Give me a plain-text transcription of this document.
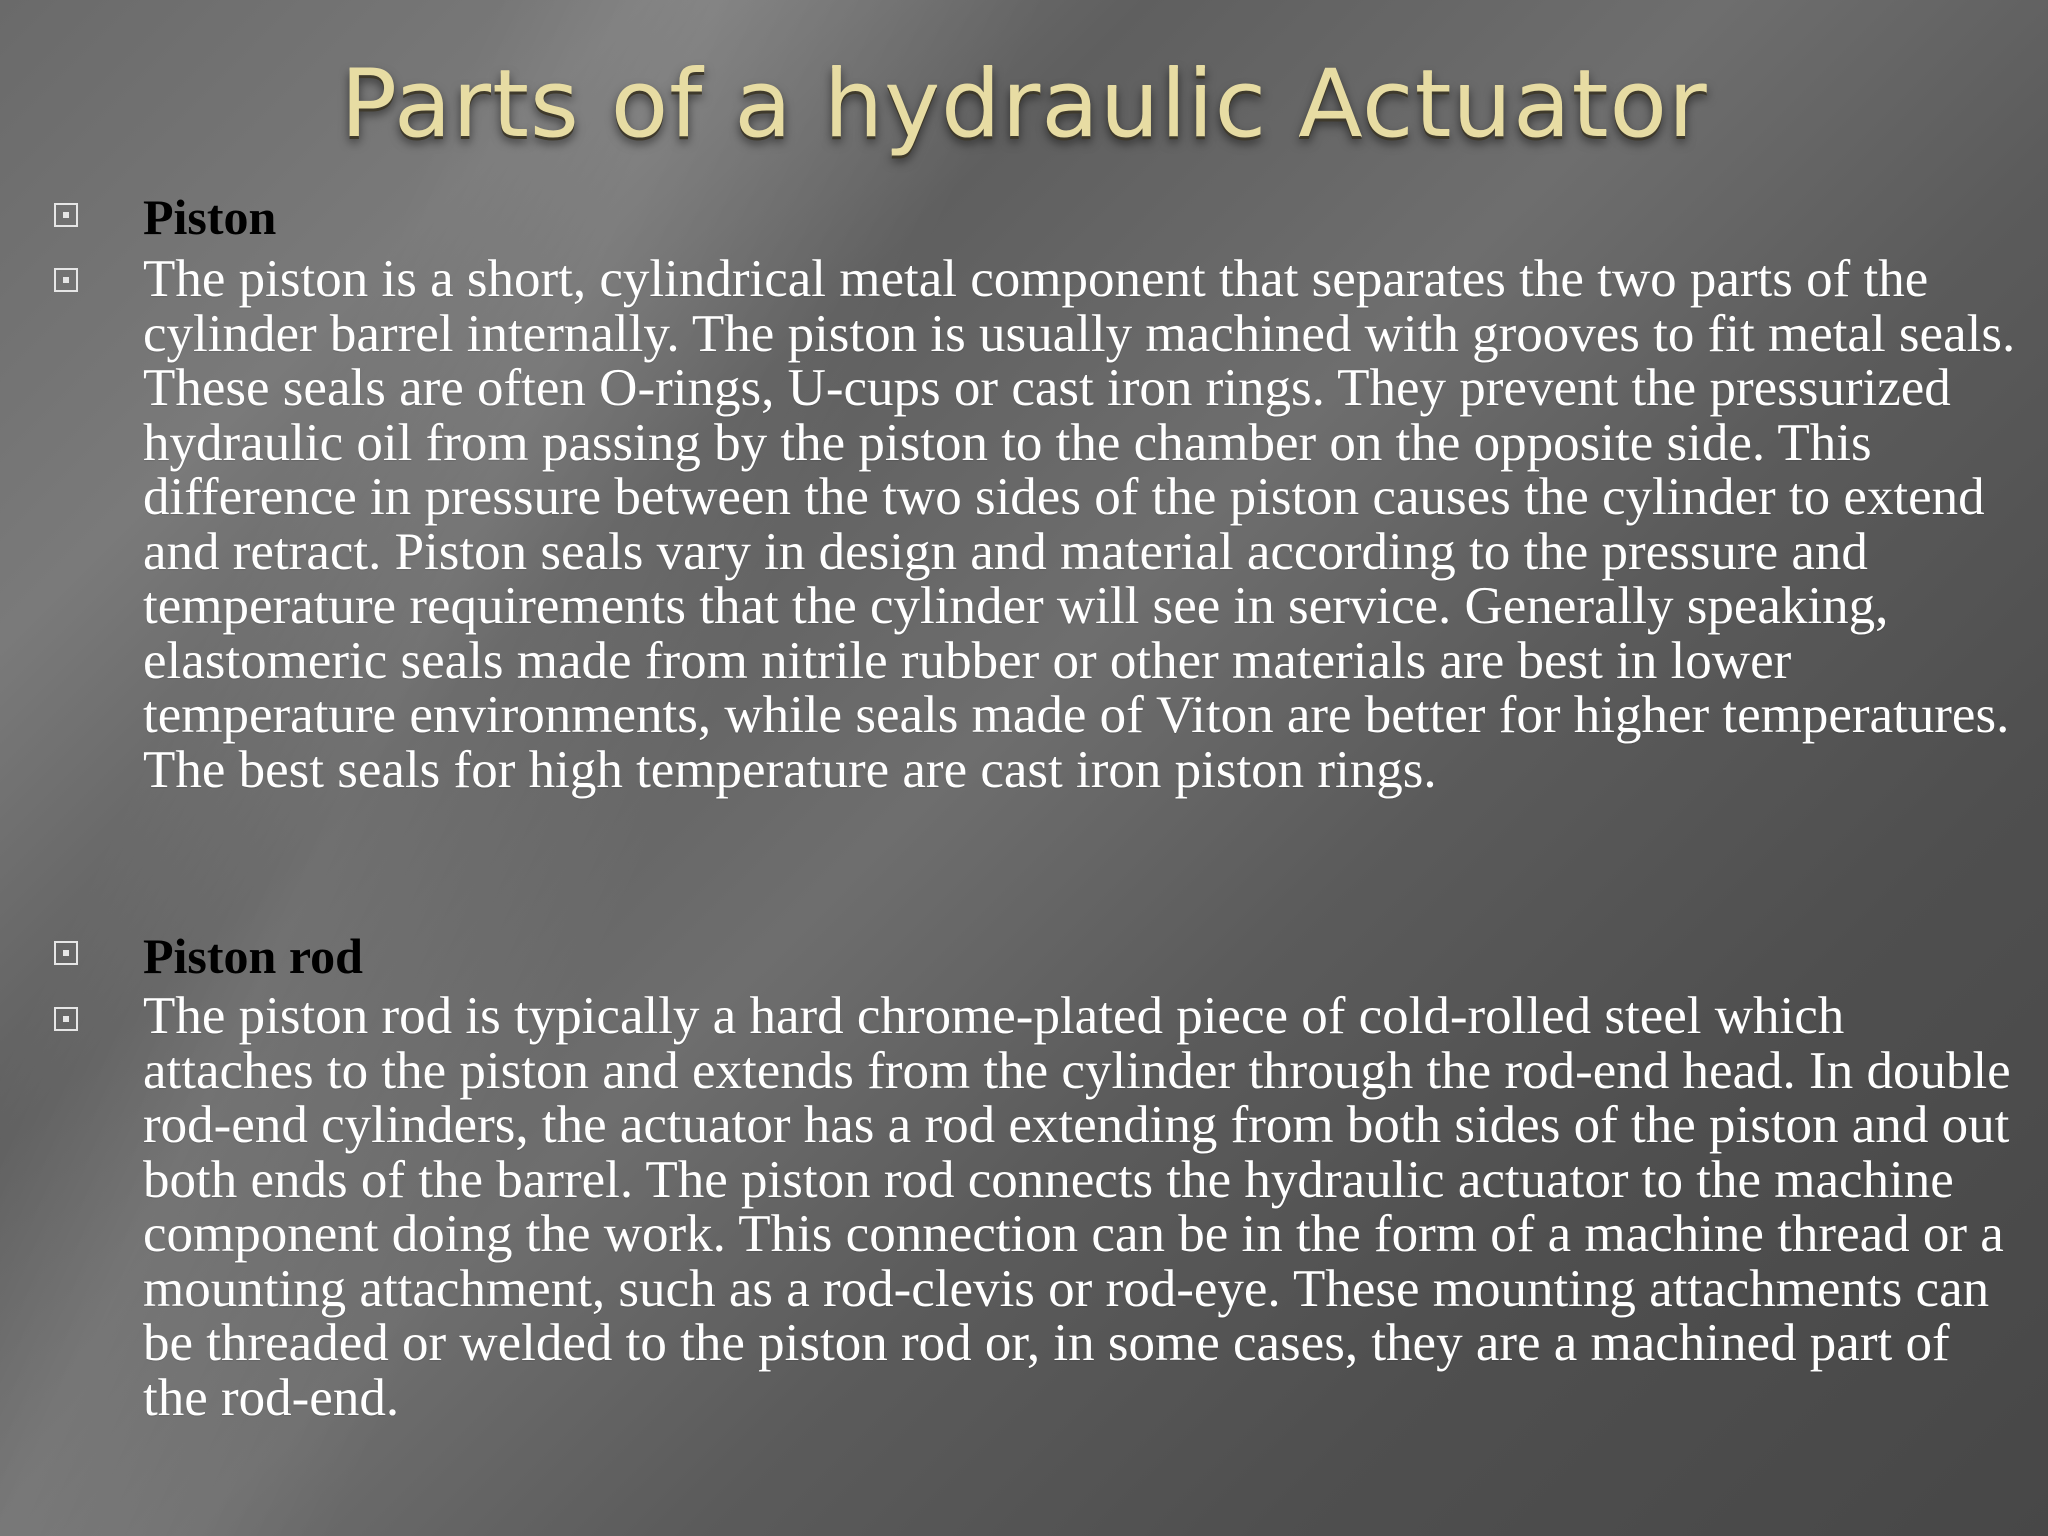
Parts of a hydraulic Actuator
Piston
The piston is a short, cylindrical metal component that separates the two parts of the cylinder barrel internally. The piston is usually machined with grooves to fit metal seals. These seals are often O-rings, U-cups or cast iron rings. They prevent the pressurized hydraulic oil from passing by the piston to the chamber on the opposite side. This difference in pressure between the two sides of the piston causes the cylinder to extend and retract. Piston seals vary in design and material according to the pressure and temperature requirements that the cylinder will see in service. Generally speaking, elastomeric seals made from nitrile rubber or other materials are best in lower temperature environments, while seals made of Viton are better for higher temperatures. The best seals for high temperature are cast iron piston rings.
Piston rod
The piston rod is typically a hard chrome-plated piece of cold-rolled steel which attaches to the piston and extends from the cylinder through the rod-end head. In double rod-end cylinders, the actuator has a rod extending from both sides of the piston and out both ends of the barrel. The piston rod connects the hydraulic actuator to the machine component doing the work. This connection can be in the form of a machine thread or a mounting attachment, such as a rod-clevis or rod-eye. These mounting attachments can be threaded or welded to the piston rod or, in some cases, they are a machined part of the rod-end.
